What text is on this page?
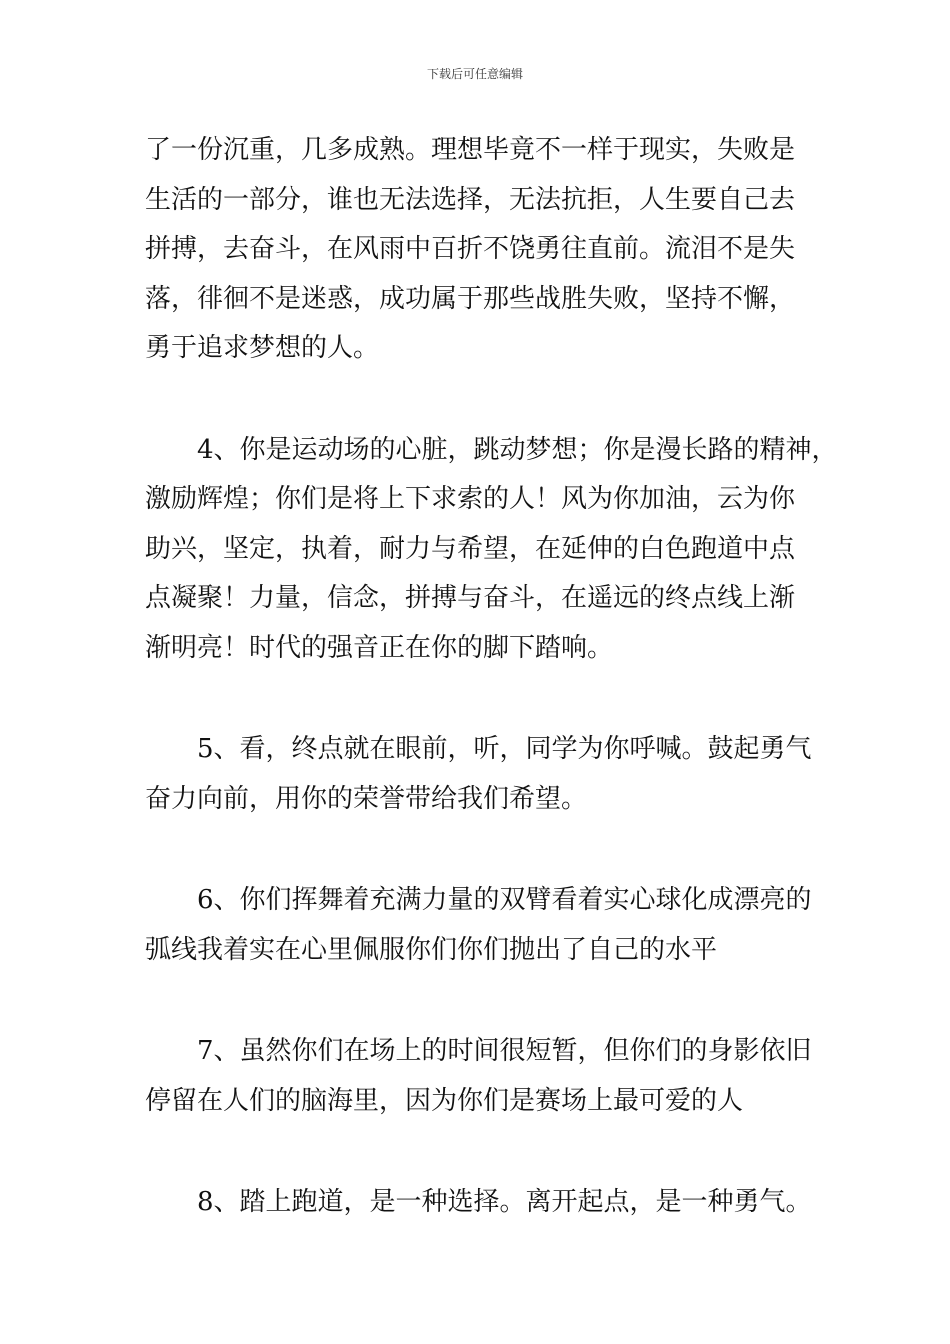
下载后可任意编辑

了一份沉重，几多成熟。理想毕竟不一样于现实，失败是
生活的一部分，谁也无法选择，无法抗拒，人生要自己去
拼搏，去奋斗，在风雨中百折不饶勇往直前。流泪不是失
落，徘徊不是迷惑，成功属于那些战胜失败，坚持不懈，
勇于追求梦想的人。

4、你是运动场的心脏，跳动梦想；你是漫长路的精神，
激励辉煌；你们是将上下求索的人！风为你加油，云为你
助兴，坚定，执着，耐力与希望，在延伸的白色跑道中点
点凝聚！力量，信念，拼搏与奋斗，在遥远的终点线上渐
渐明亮！时代的强音正在你的脚下踏响。

5、看，终点就在眼前，听，同学为你呼喊。鼓起勇气
奋力向前，用你的荣誉带给我们希望。

6、你们挥舞着充满力量的双臂看着实心球化成漂亮的
弧线我着实在心里佩服你们你们抛出了自己的水平

7、虽然你们在场上的时间很短暂，但你们的身影依旧
停留在人们的脑海里，因为你们是赛场上最可爱的人

8、踏上跑道，是一种选择。离开起点，是一种勇气。
